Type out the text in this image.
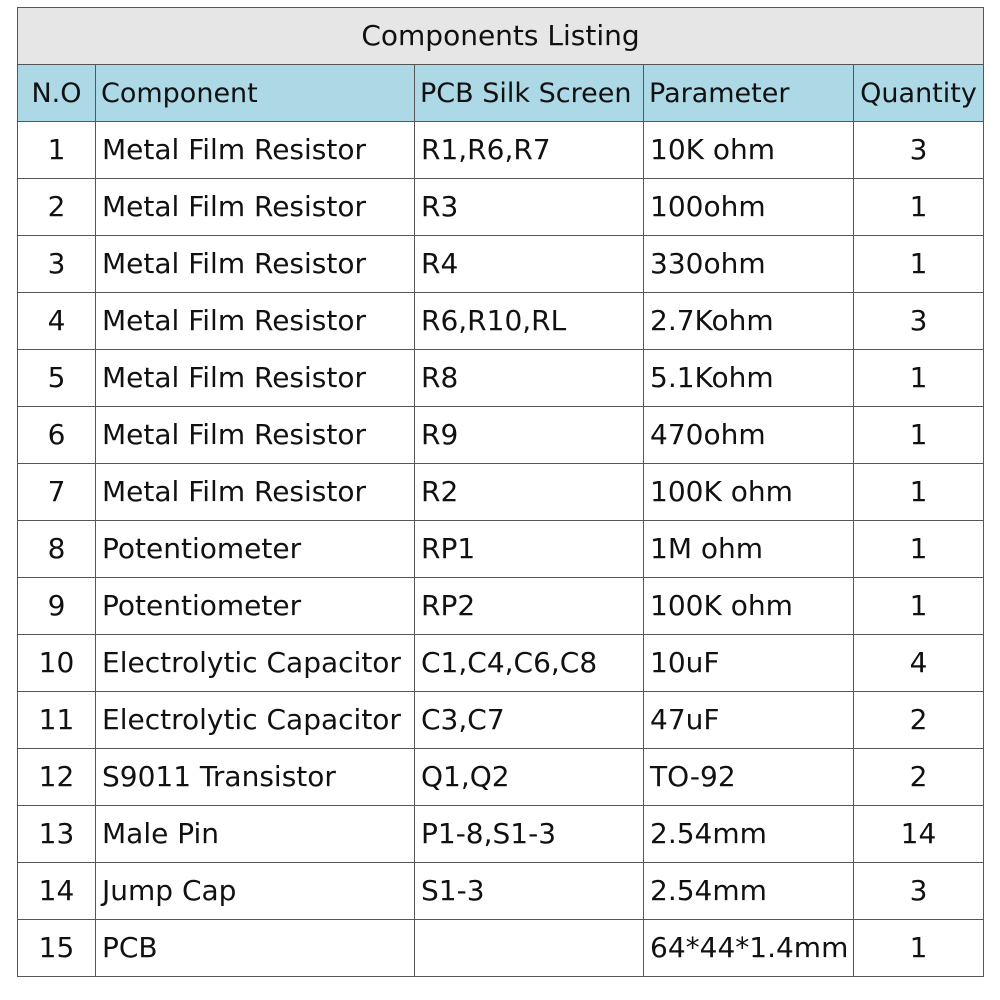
Components Listing				
N.O	Component	PCB Silk Screen	Parameter	Quantity
1	Metal Film Resistor	R1,R6,R7	10K ohm	3
2	Metal Film Resistor	R3	100ohm	1
3	Metal Film Resistor	R4	330ohm	1
4	Metal Film Resistor	R6,R10,RL	2.7Kohm	3
5	Metal Film Resistor	R8	5.1Kohm	1
6	Metal Film Resistor	R9	470ohm	1
7	Metal Film Resistor	R2	100K ohm	1
8	Potentiometer	RP1	1M ohm	1
9	Potentiometer	RP2	100K ohm	1
10	Electrolytic Capacitor	C1,C4,C6,C8	10uF	4
11	Electrolytic Capacitor	C3,C7	47uF	2
12	S9011 Transistor	Q1,Q2	TO-92	2
13	Male Pin	P1-8,S1-3	2.54mm	14
14	Jump Cap	S1-3	2.54mm	3
15	PCB		64*44*1.4mm	1
